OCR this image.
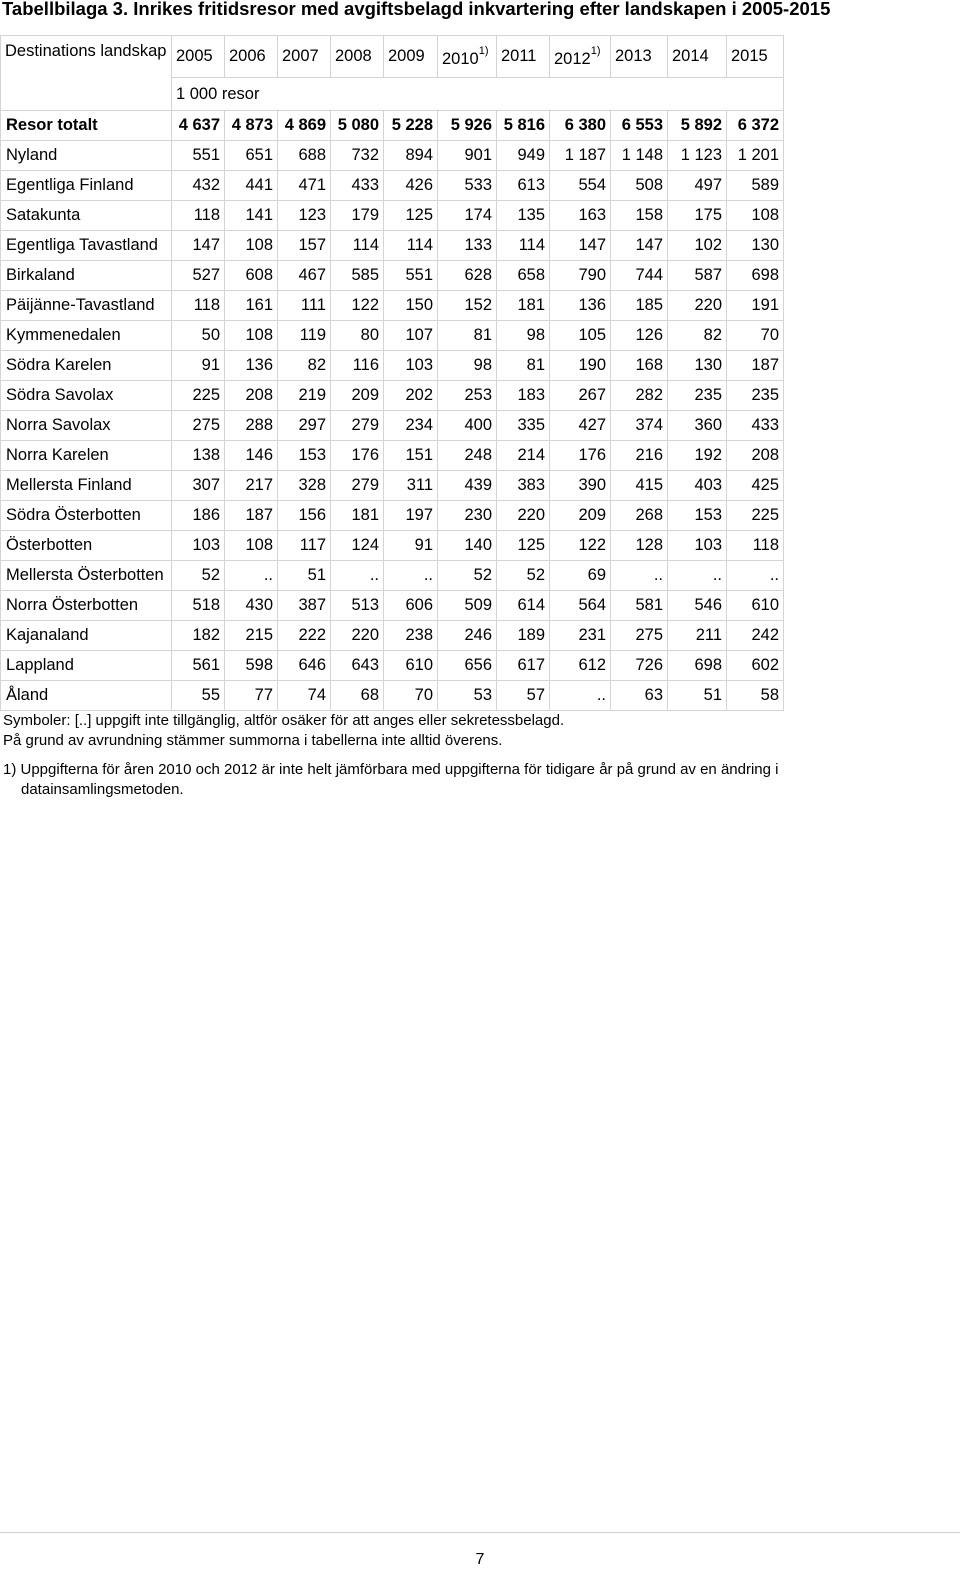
Tabellbilaga 3. Inrikes fritidsresor med avgiftsbelagd inkvartering efter landskapen i 2005-2015
Destinations landskap	2005	2006	2007	2008	2009	2010$^{1)}$	2011	2012$^{1)}$	2013	2014	2015
	1 000 resor										
Resor totalt	4 637	4 873	4 869	5 080	5 228	5 926	5 816	6 380	6 553	5 892	6 372
Nyland	551	651	688	732	894	901	949	1 187	1 148	1 123	1 201
Egentliga Finland	432	441	471	433	426	533	613	554	508	497	589
Satakunta	118	141	123	179	125	174	135	163	158	175	108
Egentliga Tavastland	147	108	157	114	114	133	114	147	147	102	130
Birkaland	527	608	467	585	551	628	658	790	744	587	698
Päijänne-Tavastland	118	161	111	122	150	152	181	136	185	220	191
Kymmenedalen	50	108	119	80	107	81	98	105	126	82	70
Södra Karelen	91	136	82	116	103	98	81	190	168	130	187
Södra Savolax	225	208	219	209	202	253	183	267	282	235	235
Norra Savolax	275	288	297	279	234	400	335	427	374	360	433
Norra Karelen	138	146	153	176	151	248	214	176	216	192	208
Mellersta Finland	307	217	328	279	311	439	383	390	415	403	425
Södra Österbotten	186	187	156	181	197	230	220	209	268	153	225
Österbotten	103	108	117	124	91	140	125	122	128	103	118
Mellersta Österbotten	52	..	51	..	..	52	52	69	..	..	..
Norra Österbotten	518	430	387	513	606	509	614	564	581	546	610
Kajanaland	182	215	222	220	238	246	189	231	275	211	242
Lappland	561	598	646	643	610	656	617	612	726	698	602
Åland	55	77	74	68	70	53	57	..	63	51	58
Symboler: [..] uppgift inte tillgänglig, altför osäker för att anges eller sekretessbelagd.
På grund av avrundning stämmer summorna i tabellerna inte alltid överens.
1) Uppgifterna för åren 2010 och 2012 är inte helt jämförbara med uppgifterna för tidigare år på grund av en ändring i
datainsamlingsmetoden.
7
